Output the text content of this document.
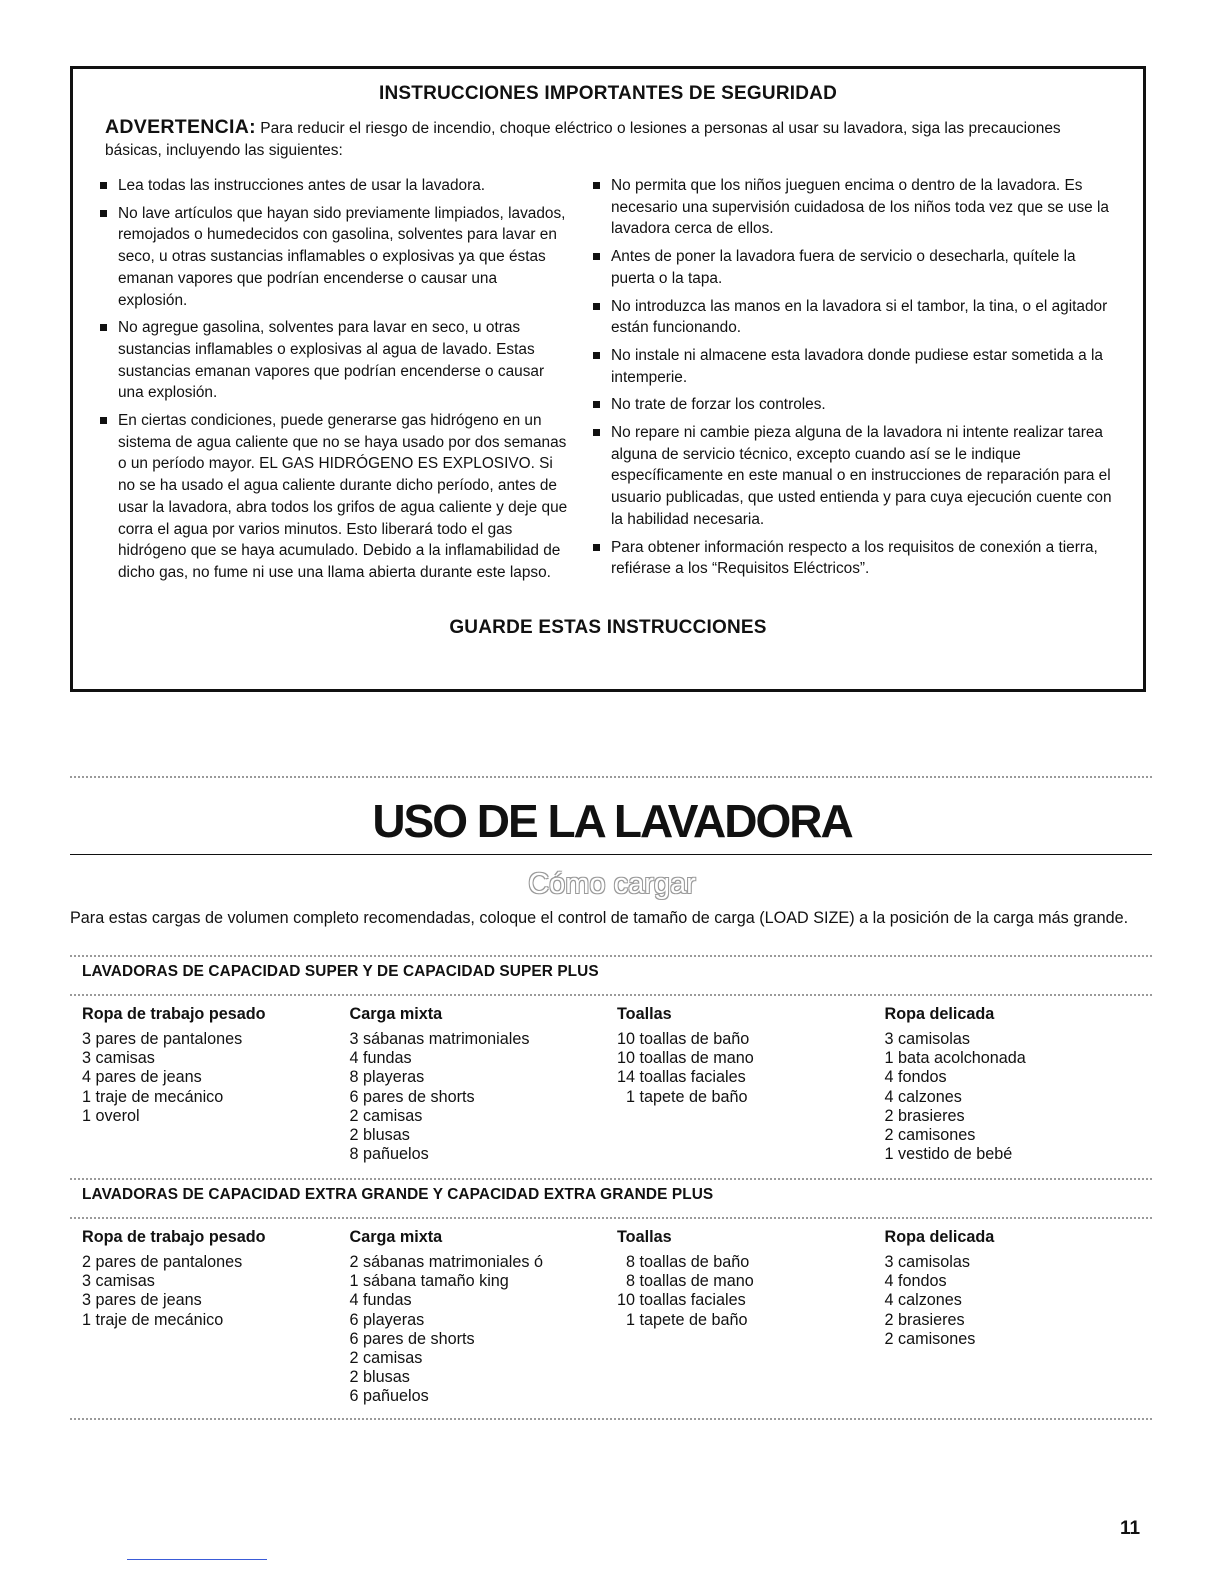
INSTRUCCIONES IMPORTANTES DE SEGURIDAD
ADVERTENCIA: Para reducir el riesgo de incendio, choque eléctrico o lesiones a personas al usar su lavadora, siga las precauciones básicas, incluyendo las siguientes:
Lea todas las instrucciones antes de usar la lavadora.
No lave artículos que hayan sido previamente limpiados, lavados, remojados o humedecidos con gasolina, solventes para lavar en seco, u otras sustancias inflamables o explosivas ya que éstas emanan vapores que podrían encenderse o causar una explosión.
No agregue gasolina, solventes para lavar en seco, u otras sustancias inflamables o explosivas al agua de lavado. Estas sustancias emanan vapores que podrían encenderse o causar una explosión.
En ciertas condiciones, puede generarse gas hidrógeno en un sistema de agua caliente que no se haya usado por dos semanas o un período mayor. EL GAS HIDRÓGENO ES EXPLOSIVO. Si no se ha usado el agua caliente durante dicho período, antes de usar la lavadora, abra todos los grifos de agua caliente y deje que corra el agua por varios minutos. Esto liberará todo el gas hidrógeno que se haya acumulado. Debido a la inflamabilidad de dicho gas, no fume ni use una llama abierta durante este lapso.
No permita que los niños jueguen encima o dentro de la lavadora. Es necesario una supervisión cuidadosa de los niños toda vez que se use la lavadora cerca de ellos.
Antes de poner la lavadora fuera de servicio o desecharla, quítele la puerta o la tapa.
No introduzca las manos en la lavadora si el tambor, la tina, o el agitador están funcionando.
No instale ni almacene esta lavadora donde pudiese estar sometida a la intemperie.
No trate de forzar los controles.
No repare ni cambie pieza alguna de la lavadora ni intente realizar tarea alguna de servicio técnico, excepto cuando así se le indique específicamente en este manual o en instrucciones de reparación para el usuario publicadas, que usted entienda y para cuya ejecución cuente con la habilidad necesaria.
Para obtener información respecto a los requisitos de conexión a tierra, refiérase a los “Requisitos Eléctricos”.
GUARDE ESTAS INSTRUCCIONES
USO DE LA LAVADORA
Cómo cargar
Para estas cargas de volumen completo recomendadas, coloque el control de tamaño de carga (LOAD SIZE) a la posición de la carga más grande.
LAVADORAS DE CAPACIDAD SUPER Y DE CAPACIDAD SUPER PLUS
Ropa de trabajo pesado
3 pares de pantalones
3 camisas
4 pares de jeans
1 traje de mecánico
1 overol
Carga mixta
3 sábanas matrimoniales
4 fundas
8 playeras
6 pares de shorts
2 camisas
2 blusas
8 pañuelos
Toallas
10 toallas de baño
10 toallas de mano
14 toallas faciales
1 tapete de baño
Ropa delicada
3 camisolas
1 bata acolchonada
4 fondos
4 calzones
2 brasieres
2 camisones
1 vestido de bebé
LAVADORAS DE CAPACIDAD EXTRA GRANDE Y CAPACIDAD EXTRA GRANDE PLUS
Ropa de trabajo pesado
2 pares de pantalones
3 camisas
3 pares de jeans
1 traje de mecánico
Carga mixta
2 sábanas matrimoniales ó
1 sábana tamaño king
4 fundas
6 playeras
6 pares de shorts
2 camisas
2 blusas
6 pañuelos
Toallas
8 toallas de baño
8 toallas de mano
10 toallas faciales
1 tapete de baño
Ropa delicada
3 camisolas
4 fondos
4 calzones
2 brasieres
2 camisones
11
